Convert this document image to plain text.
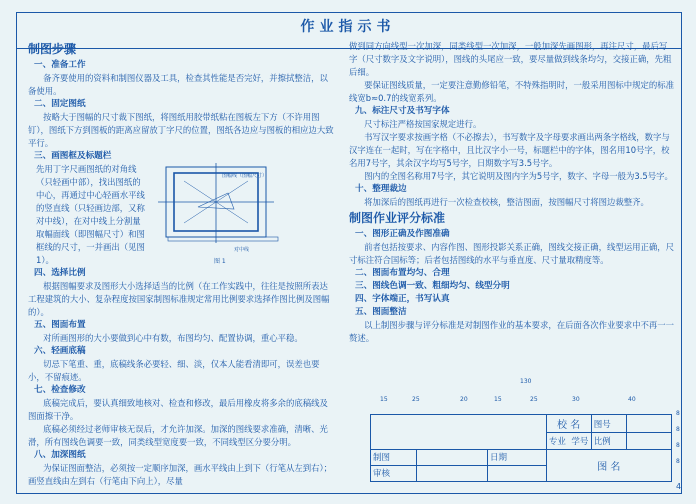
作业指示书
制图步骤
一、准备工作

备齐要使用的资料和制图仪器及工具，检查其性能是否完好，并擦拭整洁，以备使用。

二、固定图纸

按略大于图幅的尺寸裁下图纸，将图纸用胶带纸粘在图板左下方（不许用图钉），图纸下方到图板的距离应留放丁字尺的位置，图纸各边应与图板的相应边大致平行。

三、画图框及标题栏
先用丁字尺画图纸的对角线
（只轻画中部），找出图纸的
中心，再通过中心轻画水平线
的竖直线（只轻画边部，又称
对中线），在对中线上分割量
取幅面线（即图幅尺寸）和图
框线的尺寸，一并画出（见图1）。
图幅线（图幅尺寸）
对中线
图 1
四、选择比例

根据图幅要求及图形大小选择适当的比例（在工作实践中，往往是按照所表达工程建筑的大小、复杂程度按国家制图标准规定常用比例要求选择作图比例及图幅的）。

五、图面布置

对所画图形的大小要做到心中有数，布图均匀、配置协调，重心平稳。

六、轻画底稿

切忌下笔重、重，底稿线条必要轻、细、淡，仅本人能看清即可，误差也要小，不留痕迹。

七、检查修改

底稿完成后，要认真细致地核对、检查和修改，最后用橡皮将多余的底稿线及图面擦干净。

底稿必须经过老师审核无误后，才允许加深。加深的图线要求准确，清晰、光滑，所有图线色调要一致，同类线型宽度要一致，不同线型区分要分明。

八、加深图纸

为保证图面整洁，必须按一定顺序加深，画水平线由上到下（行笔从左到右）；画竖直线由左到右（行笔由下向上），尽量

做到同方向线型一次加深，同类线型一次加深，一般加深先画图形，再注尺寸，最后写字（尺寸数字及文字说明），图线的头尾应一致，要尽量做到线条均匀，交接正确，先粗后细。

要保证图线质量，一定要注意勤修铅笔，不特殊指明时，一般采用图标中规定的标准线宽b≈0.7的线宽系列。

九、标注尺寸及书写字体

尺寸标注严格按国家规定进行。

书写汉字要求按画字格（不必擦去），书写数字及字母要求画出两条字格线，数字与汉字连在一起时，写在字格中，且比汉字小一号，标题栏中的字体，图名用10号字，校名用7号字，其余汉字均写5号字，日期数字写3.5号字。

图内的全图名称用7号字，其它说明及图内字为5号字，数字、字母一般为3.5号字。

十、整理裁边

将加深后的图纸再进行一次检查校核，整洁图面，按图幅尺寸将图边裁整齐。

制图作业评分标准
一、图形正确及作图准确

前者包括按要求、内容作图、图形投影关系正确，图线交接正确，线型运用正确，尺寸标注符合国标等；后者包括图线的水平与垂直度、尺寸量取精度等。

二、图面布置均匀、合理
三、图线色调一致、粗细均匀、线型分明
四、字体端正，书写认真
五、图面整洁

以上制图步骤与评分标准是对制图作业的基本要求，在后面各次作业要求中不再一一赘述。

130
15	25	20	15	25	30	40
8
8
8
8
			校 名	图号	
			专业 学号	比例	
制图		日期	图 名		
审核					
4
